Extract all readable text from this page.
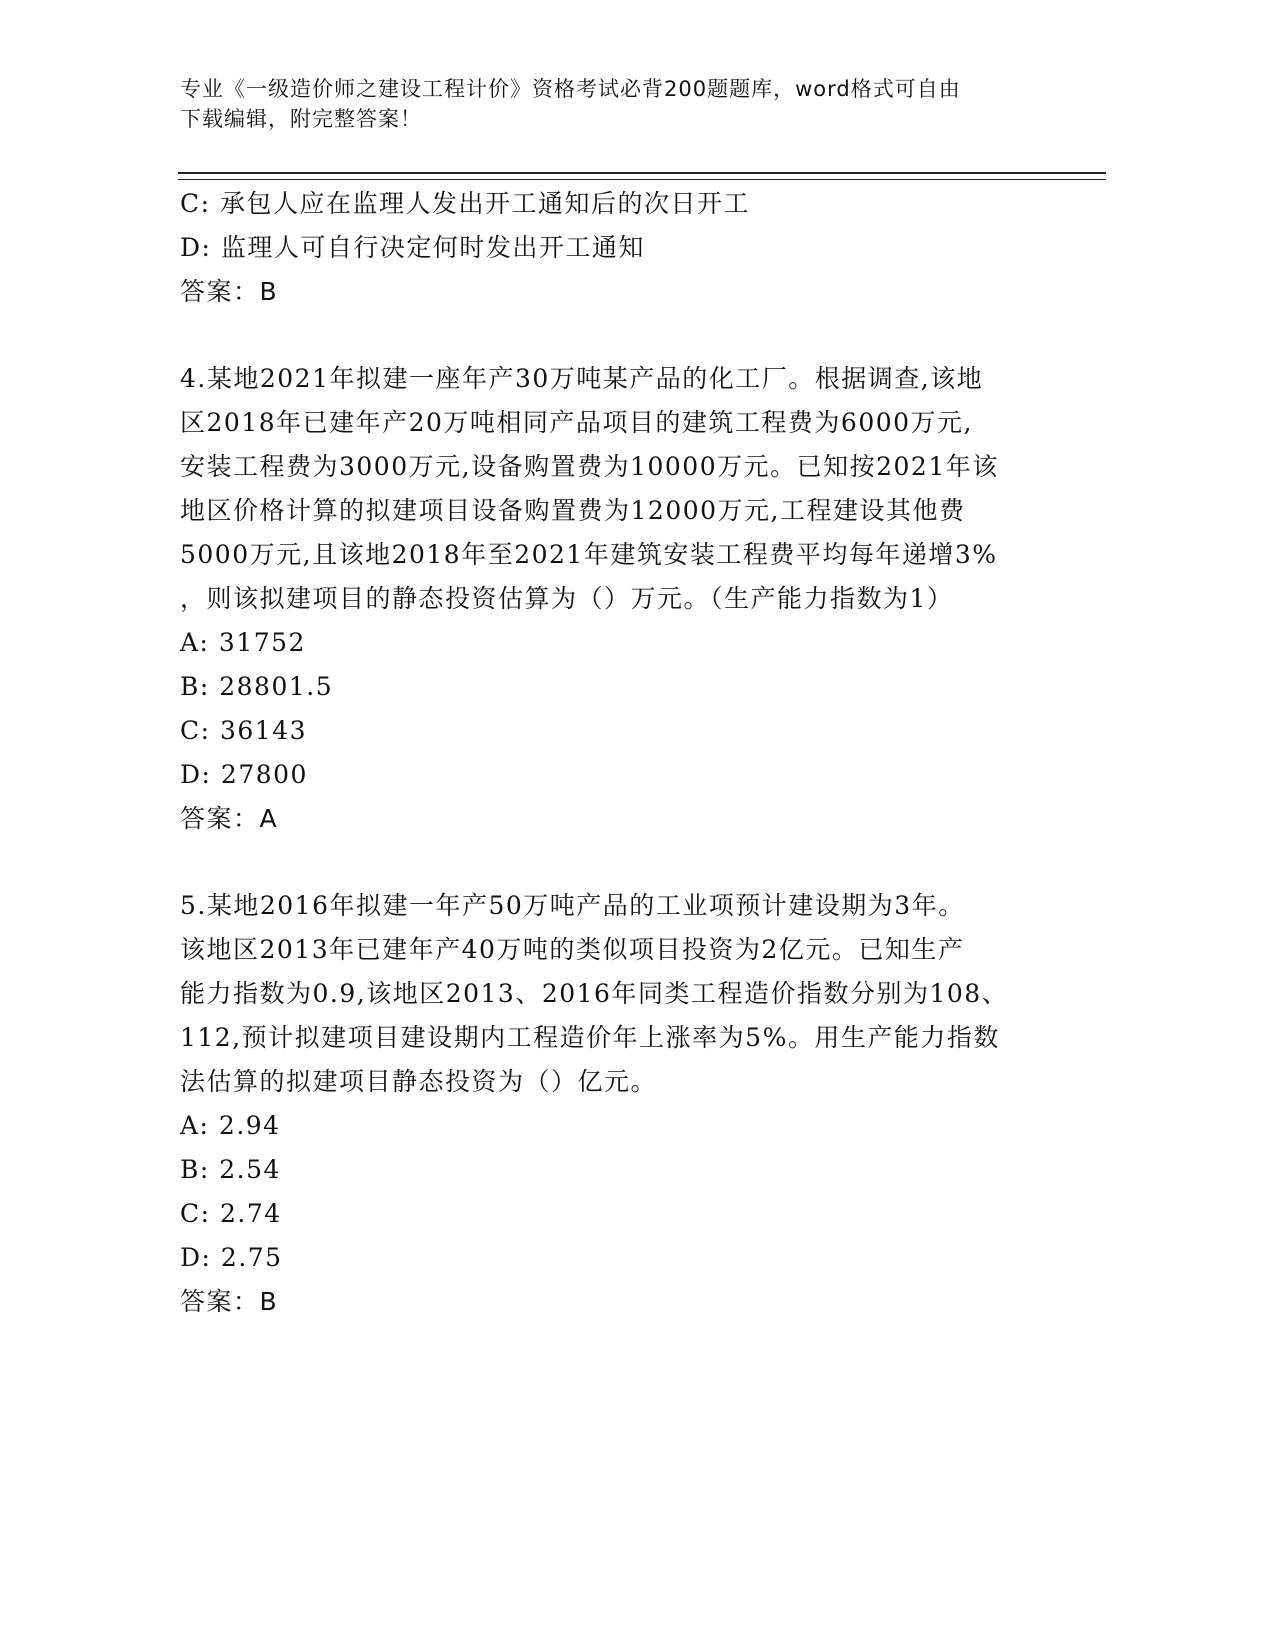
专业《一级造价师之建设工程计价》资格考试必背200题题库，word格式可自由
下载编辑，附完整答案！
C: 承包人应在监理人发出开工通知后的次日开工
D: 监理人可自行决定何时发出开工通知
答案：B
4.某地2021年拟建一座年产30万吨某产品的化工厂。根据调查,该地
区2018年已建年产20万吨相同产品项目的建筑工程费为6000万元,
安装工程费为3000万元,设备购置费为10000万元。已知按2021年该
地区价格计算的拟建项目设备购置费为12000万元,工程建设其他费
5000万元,且该地2018年至2021年建筑安装工程费平均每年递增3%
，则该拟建项目的静态投资估算为（）万元。（生产能力指数为1）
A: 31752
B: 28801.5
C: 36143
D: 27800
答案：A
5.某地2016年拟建一年产50万吨产品的工业项预计建设期为3年。
该地区2013年已建年产40万吨的类似项目投资为2亿元。已知生产
能力指数为0.9,该地区2013、2016年同类工程造价指数分别为108、
112,预计拟建项目建设期内工程造价年上涨率为5%。用生产能力指数
法估算的拟建项目静态投资为（）亿元。
A: 2.94
B: 2.54
C: 2.74
D: 2.75
答案：B
